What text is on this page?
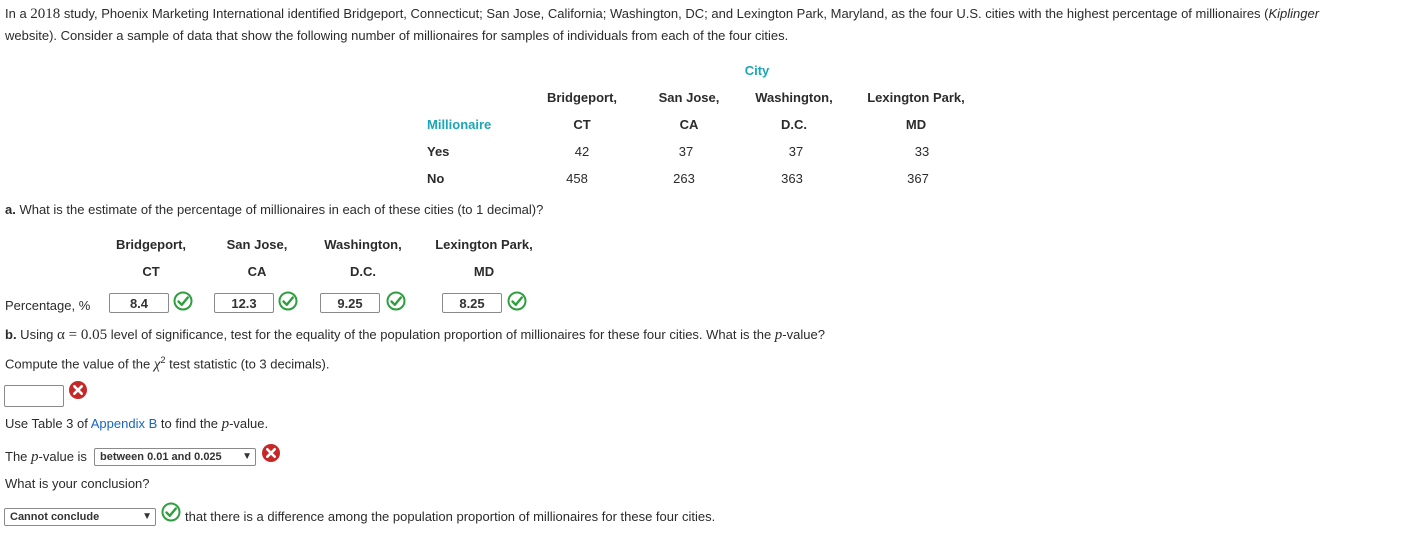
In a 2018 study, Phoenix Marketing International identified Bridgeport, Connecticut; San Jose, California; Washington, DC; and Lexington Park, Maryland, as the four U.S. cities with the highest percentage of millionaires (Kiplinger
website). Consider a sample of data that show the following number of millionaires for samples of individuals from each of the four cities.
City
Bridgeport,	San Jose,	Washington,	Lexington Park,
Millionaire	CT	CA	D.C.	MD
Yes	42	37	37	33
No	458	263	363	367
a. What is the estimate of the percentage of millionaires in each of these cities (to 1 decimal)?
Bridgeport,	San Jose,	Washington,	Lexington Park,
CT	CA	D.C.	MD
Percentage, %	8.4	12.3	9.25	8.25
b. Using α = 0.05 level of significance, test for the equality of the population proportion of millionaires for these four cities. What is the p-value?
Compute the value of the $\chi^2$ test statistic (to 3 decimals).
Use Table 3 of Appendix B to find the p-value.
The p-value is	between 0.01 and 0.025 ▼
What is your conclusion?
Cannot conclude	▼	that there is a difference among the population proportion of millionaires for these four cities.
